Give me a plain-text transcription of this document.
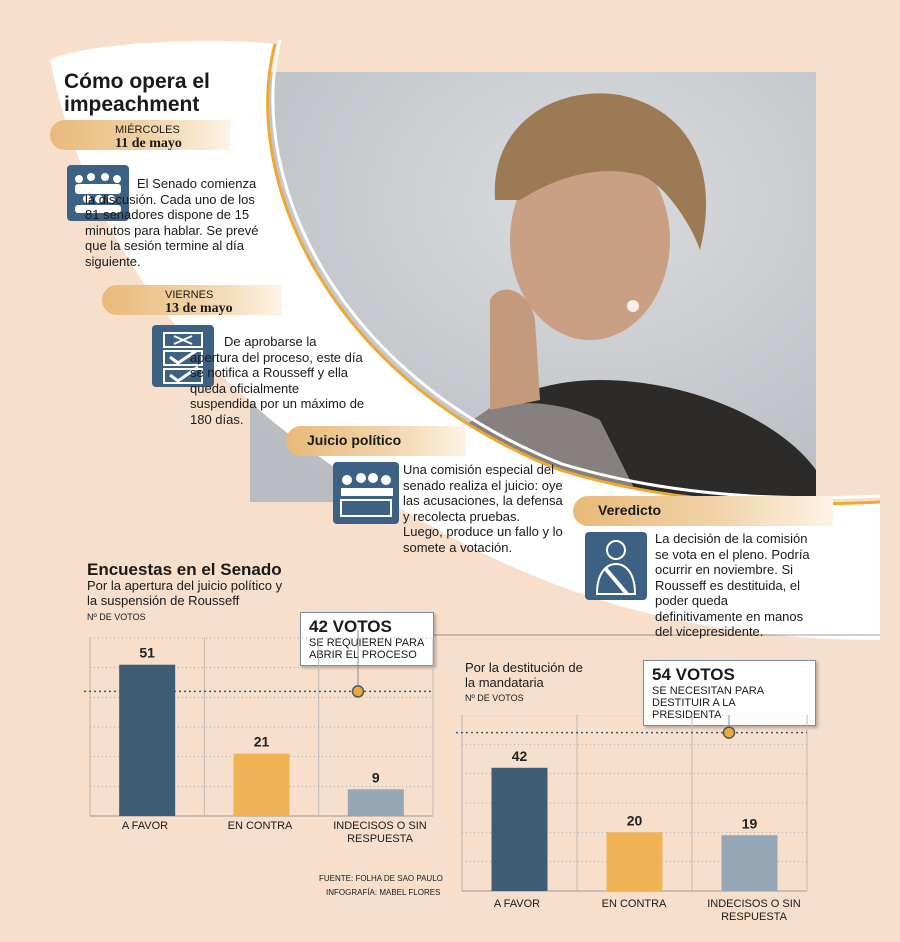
Cómo opera el impeachment
MIÉRCOLES
11 de mayo
El Senado comienza la discusión. Cada uno de los 81 senadores dispone de 15 minutos para hablar. Se prevé que la sesión termine al día siguiente.
VIERNES
13 de mayo
De aprobarse la apertura del proceso, este día se notifica a Rousseff y ella queda oficialmente suspendida por un máximo de 180 días.
Juicio político
Una comisión especial del senado realiza el juicio: oye las acusaciones, la defensa y recolecta pruebas. Luego, produce un fallo y lo somete a votación.
Veredicto
La decisión de la comisión se vota en el pleno. Podría ocurrir en noviembre. Si Rousseff es destituida, el poder queda definitivamente en manos del vicepresidente.
Encuestas en el Senado
Por la apertura del juicio político y la suspensión de Rousseff
Nº DE VOTOS	42 VOTOS
SE REQUIEREN PARA ABRIR EL PROCESO
51
21
9
A FAVOR	EN CONTRA	INDECISOS O SIN RESPUESTA
FUENTE: FOLHA DE SAO PAULO
INFOGRAFÍA: MABEL FLORES
Por la destitución de la mandataria
Nº DE VOTOS
54 VOTOS
SE NECESITAN PARA DESTITUIR A LA PRESIDENTA
42
20	19
A FAVOR	EN CONTRA	INDECISOS O SIN RESPUESTA
